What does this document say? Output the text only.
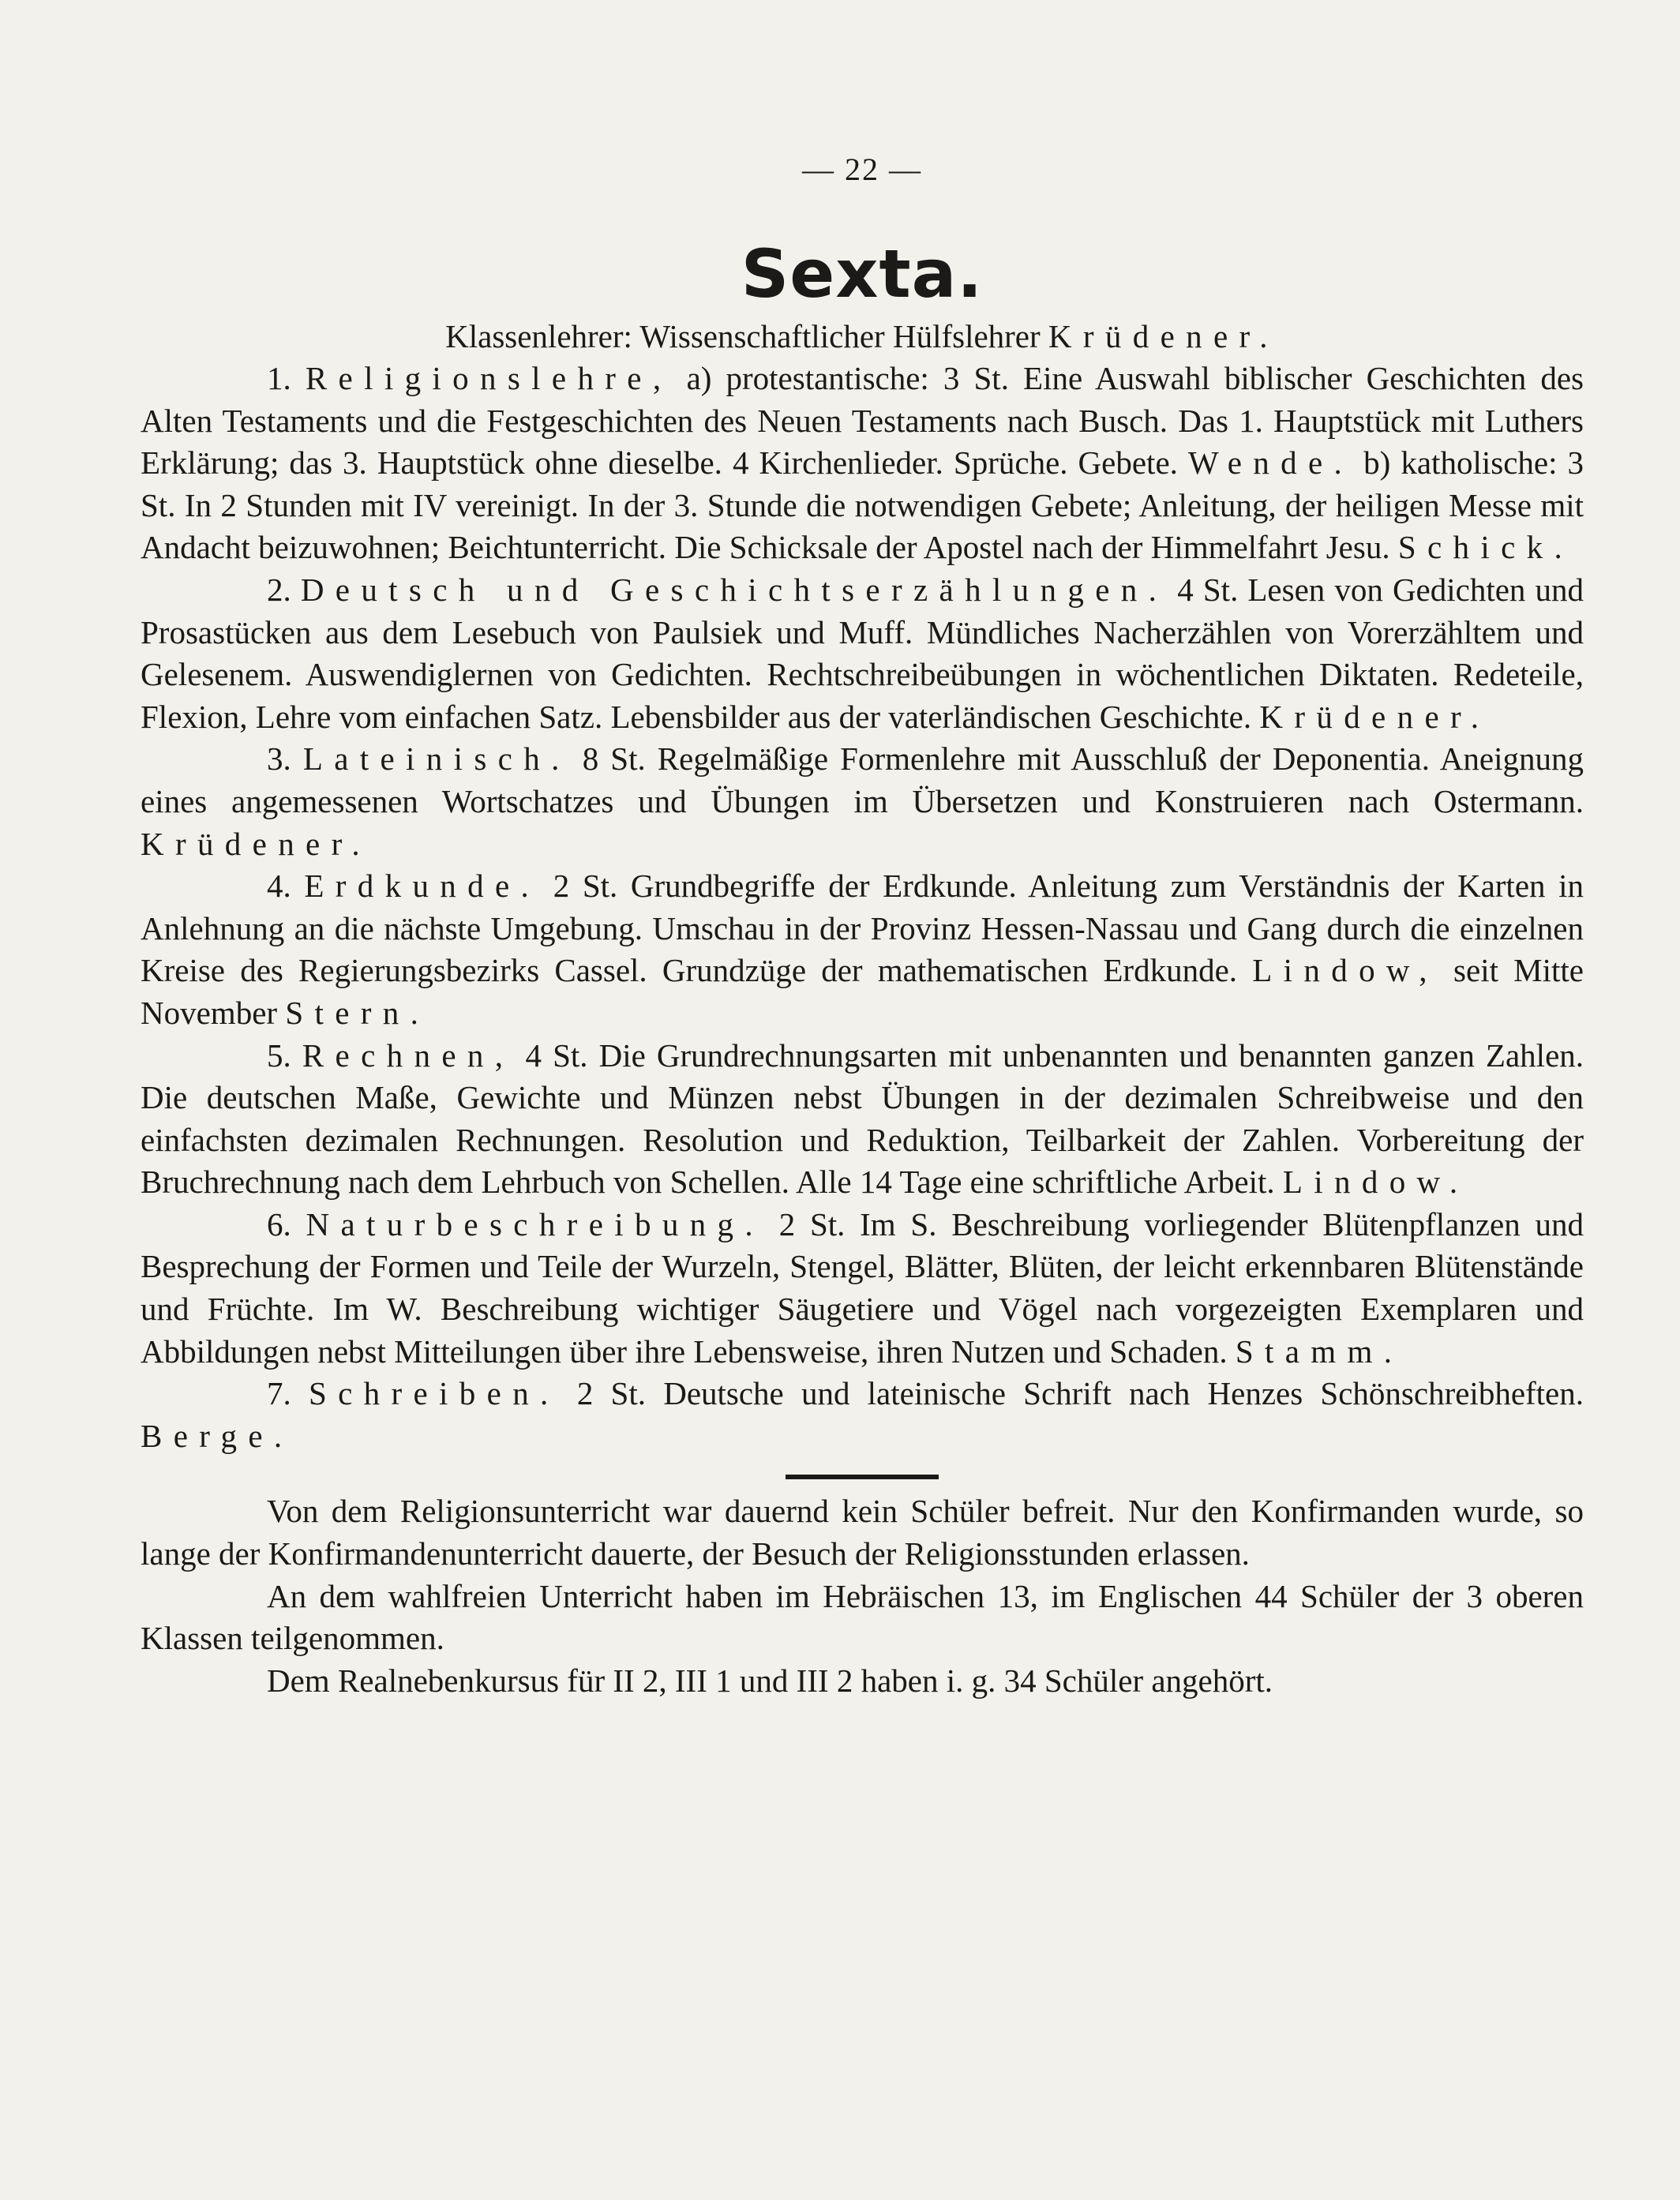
— 22 —
Sexta.
Klassenlehrer: Wissenschaftlicher Hülfslehrer Krüdener.

1. Religionslehre, a) protestantische: 3 St. Eine Auswahl biblischer Geschichten des Alten Testaments und die Festgeschichten des Neuen Testaments nach Busch. Das 1. Hauptstück mit Luthers Erklärung; das 3. Hauptstück ohne dieselbe. 4 Kirchenlieder. Sprüche. Gebete. Wende. b) katholische: 3 St. In 2 Stunden mit IV vereinigt. In der 3. Stunde die notwendigen Gebete; Anleitung, der heiligen Messe mit Andacht beizuwohnen; Beichtunterricht. Die Schicksale der Apostel nach der Himmelfahrt Jesu. Schick.

2. Deutsch und Geschichtserzählungen. 4 St. Lesen von Gedichten und Prosastücken aus dem Lesebuch von Paulsiek und Muff. Mündliches Nacherzählen von Vorerzähltem und Gelesenem. Auswendiglernen von Gedichten. Rechtschreibeübungen in wöchentlichen Diktaten. Redeteile, Flexion, Lehre vom einfachen Satz. Lebensbilder aus der vaterländischen Geschichte. Krüdener.

3. Lateinisch. 8 St. Regelmäßige Formenlehre mit Ausschluß der Deponentia. Aneignung eines angemessenen Wortschatzes und Übungen im Übersetzen und Konstruieren nach Ostermann. Krüdener.

4. Erdkunde. 2 St. Grundbegriffe der Erdkunde. Anleitung zum Verständnis der Karten in Anlehnung an die nächste Umgebung. Umschau in der Provinz Hessen-Nassau und Gang durch die einzelnen Kreise des Regierungsbezirks Cassel. Grundzüge der mathematischen Erdkunde. Lindow, seit Mitte November Stern.

5. Rechnen, 4 St. Die Grundrechnungsarten mit unbenannten und benannten ganzen Zahlen. Die deutschen Maße, Gewichte und Münzen nebst Übungen in der dezimalen Schreibweise und den einfachsten dezimalen Rechnungen. Resolution und Reduktion, Teilbarkeit der Zahlen. Vorbereitung der Bruchrechnung nach dem Lehrbuch von Schellen. Alle 14 Tage eine schriftliche Arbeit. Lindow.

6. Naturbeschreibung. 2 St. Im S. Beschreibung vorliegender Blütenpflanzen und Besprechung der Formen und Teile der Wurzeln, Stengel, Blätter, Blüten, der leicht erkennbaren Blütenstände und Früchte. Im W. Beschreibung wichtiger Säugetiere und Vögel nach vorgezeigten Exemplaren und Abbildungen nebst Mitteilungen über ihre Lebensweise, ihren Nutzen und Schaden. Stamm.

7. Schreiben. 2 St. Deutsche und lateinische Schrift nach Henzes Schönschreibheften. Berge.

Von dem Religionsunterricht war dauernd kein Schüler befreit. Nur den Konfirmanden wurde, so lange der Konfirmandenunterricht dauerte, der Besuch der Religionsstunden erlassen.

An dem wahlfreien Unterricht haben im Hebräischen 13, im Englischen 44 Schüler der 3 oberen Klassen teilgenommen.

Dem Realnebenkursus für II 2, III 1 und III 2 haben i. g. 34 Schüler angehört.
